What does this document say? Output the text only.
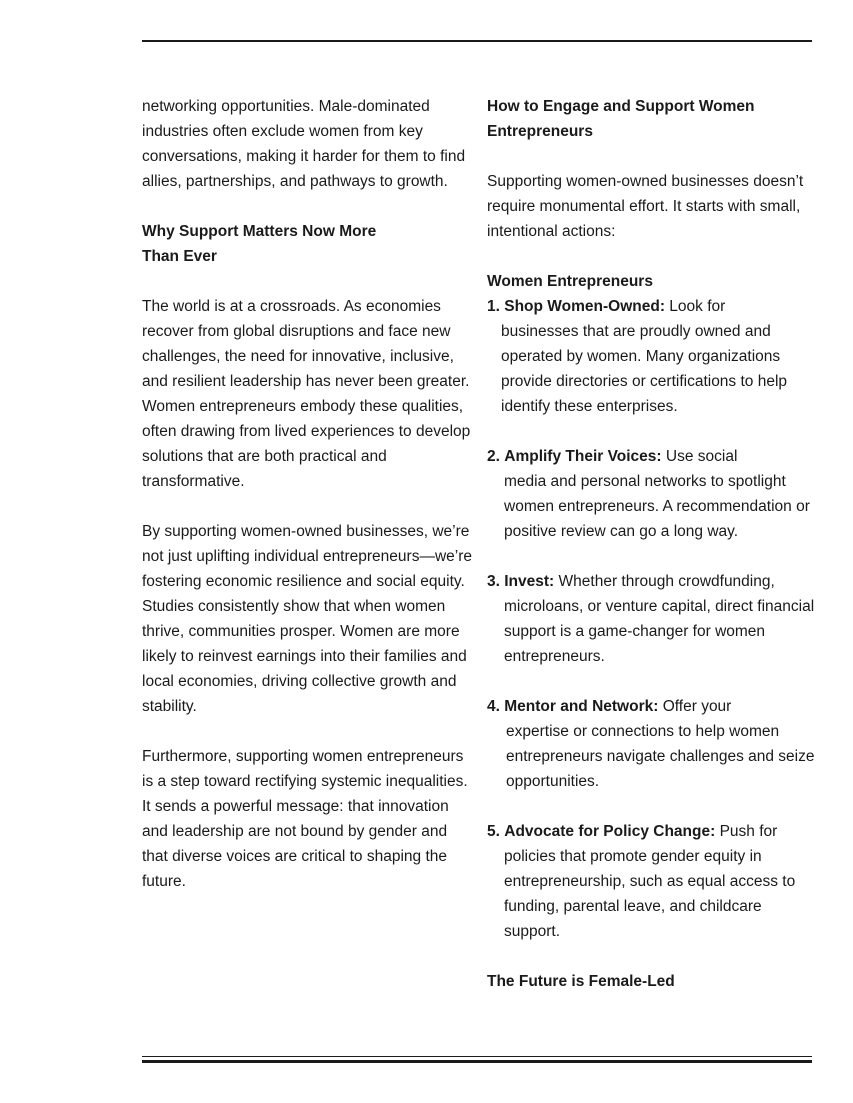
networking opportunities. Male-dominated industries often exclude women from key conversations, making it harder for them to find allies, partnerships, and pathways to growth.

Why Support Matters Now More
Than Ever

The world is at a crossroads. As economies recover from global disruptions and face new challenges, the need for innovative, inclusive, and resilient leadership has never been greater. Women entrepreneurs embody these qualities, often drawing from lived experiences to develop solutions that are both practical and transformative.

By supporting women-owned businesses, we’re not just uplifting individual entrepreneurs—we’re fostering economic resilience and social equity. Studies consistently show that when women thrive, communities prosper. Women are more likely to reinvest earnings into their families and local economies, driving collective growth and stability.

Furthermore, supporting women entrepreneurs is a step toward rectifying systemic inequalities. It sends a powerful message: that innovation and leadership are not bound by gender and that diverse voices are critical to shaping the future.

How to Engage and Support Women
Entrepreneurs

Supporting women-owned businesses doesn’t require monumental effort. It starts with small, intentional actions:

Women Entrepreneurs
1. Shop Women-Owned: Look for
businesses that are proudly owned and operated by women. Many organizations provide directories or certifications to help identify these enterprises.
2. Amplify Their Voices: Use social
media and personal networks to spotlight women entrepreneurs. A recommendation or positive review can go a long way.
3. Invest: Whether through crowdfunding,
microloans, or venture capital, direct financial support is a game-changer for women entrepreneurs.
4. Mentor and Network: Offer your
expertise or connections to help women entrepreneurs navigate challenges and seize opportunities.
5. Advocate for Policy Change: Push for
policies that promote gender equity in entrepreneurship, such as equal access to funding, parental leave, and childcare support.
The Future is Female-Led
